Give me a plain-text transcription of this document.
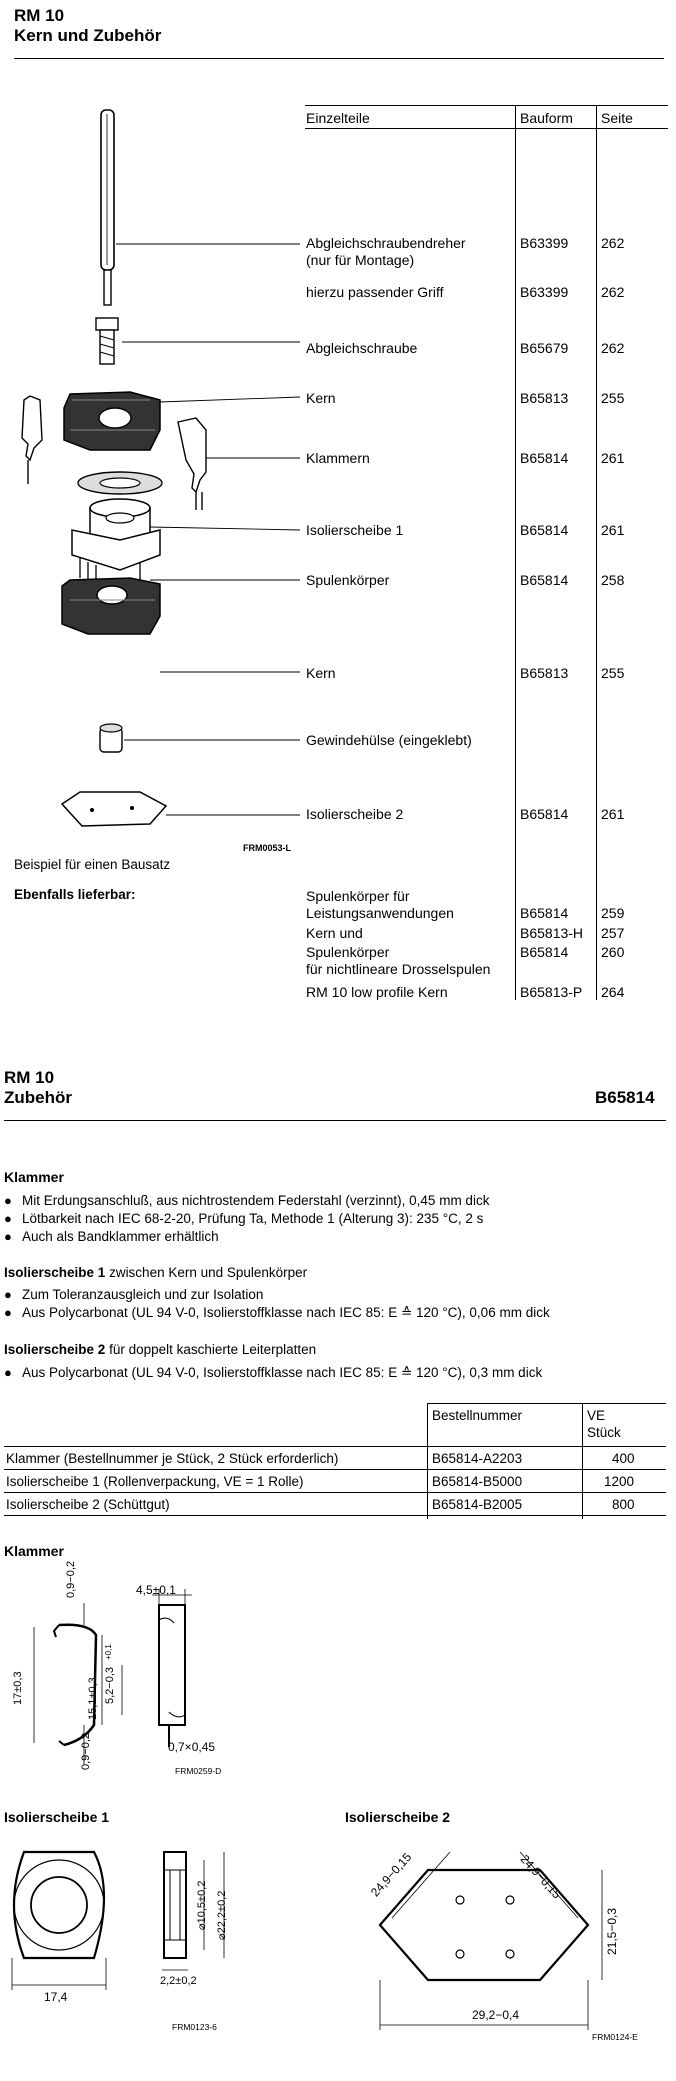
RM 10
Kern und Zubehör
Einzelteile	Bauform Seite
Abgleichschraubendreher
(nur für Montage)
B63399 262
hierzu passender Griff	B63399 262
Abgleichschraube	B65679 262
Kern	B65813 255
Klammern	B65814 261
Isolierscheibe 1	B65814 261
Spulenkörper	B65814 258
Kern	B65813 255
Gewindehülse (eingeklebt)
Isolierscheibe 2	B65814 261
Spulenkörper für
Leistungsanwendungen	B65814 259
Kern und	B65813-H 257
Spulenkörper
für nichtlineare Drosselspulen
B65814 260
RM 10 low profile Kern	B65813-P 264
FRM0053-L
Beispiel für einen Bausatz
Ebenfalls lieferbar:
RM 10
Zubehör	B65814
Klammer
● Mit Erdungsanschluß, aus nichtrostendem Federstahl (verzinnt), 0,45 mm dick
● Lötbarkeit nach IEC 68-2-20, Prüfung Ta, Methode 1 (Alterung 3): 235 °C, 2 s
● Auch als Bandklammer erhältlich
Isolierscheibe 1 zwischen Kern und Spulenkörper
● Zum Toleranzausgleich und zur Isolation
● Aus Polycarbonat (UL 94 V-0, Isolierstoffklasse nach IEC 85: E ≙ 120 °C), 0,06 mm dick
Isolierscheibe 2 für doppelt kaschierte Leiterplatten
● Aus Polycarbonat (UL 94 V-0, Isolierstoffklasse nach IEC 85: E ≙ 120 °C), 0,3 mm dick
Bestellnummer	VE
Stück
Klammer (Bestellnummer je Stück, 2 Stück erforderlich)	B65814-A2203	400
Isolierscheibe 1 (Rollenverpackung, VE = 1 Rolle)	B65814-B5000	1200
Isolierscheibe 2 (Schüttgut)	B65814-B2005	800
Klammer
4,5±0,1
0,9−0,2
17±0,3	15,1±0,3 5,2−0,3
+0,1
0,9−0,2	0,7×0,45
FRM0259-D
Isolierscheibe 1
17,4
⌀10,5±0,2 ⌀22,2±0,2
2,2±0,2
FRM0123-6
Isolierscheibe 2
24,9−0,15	24,9−0,15
21,5−0,3
29,2−0,4
FRM0124-E
